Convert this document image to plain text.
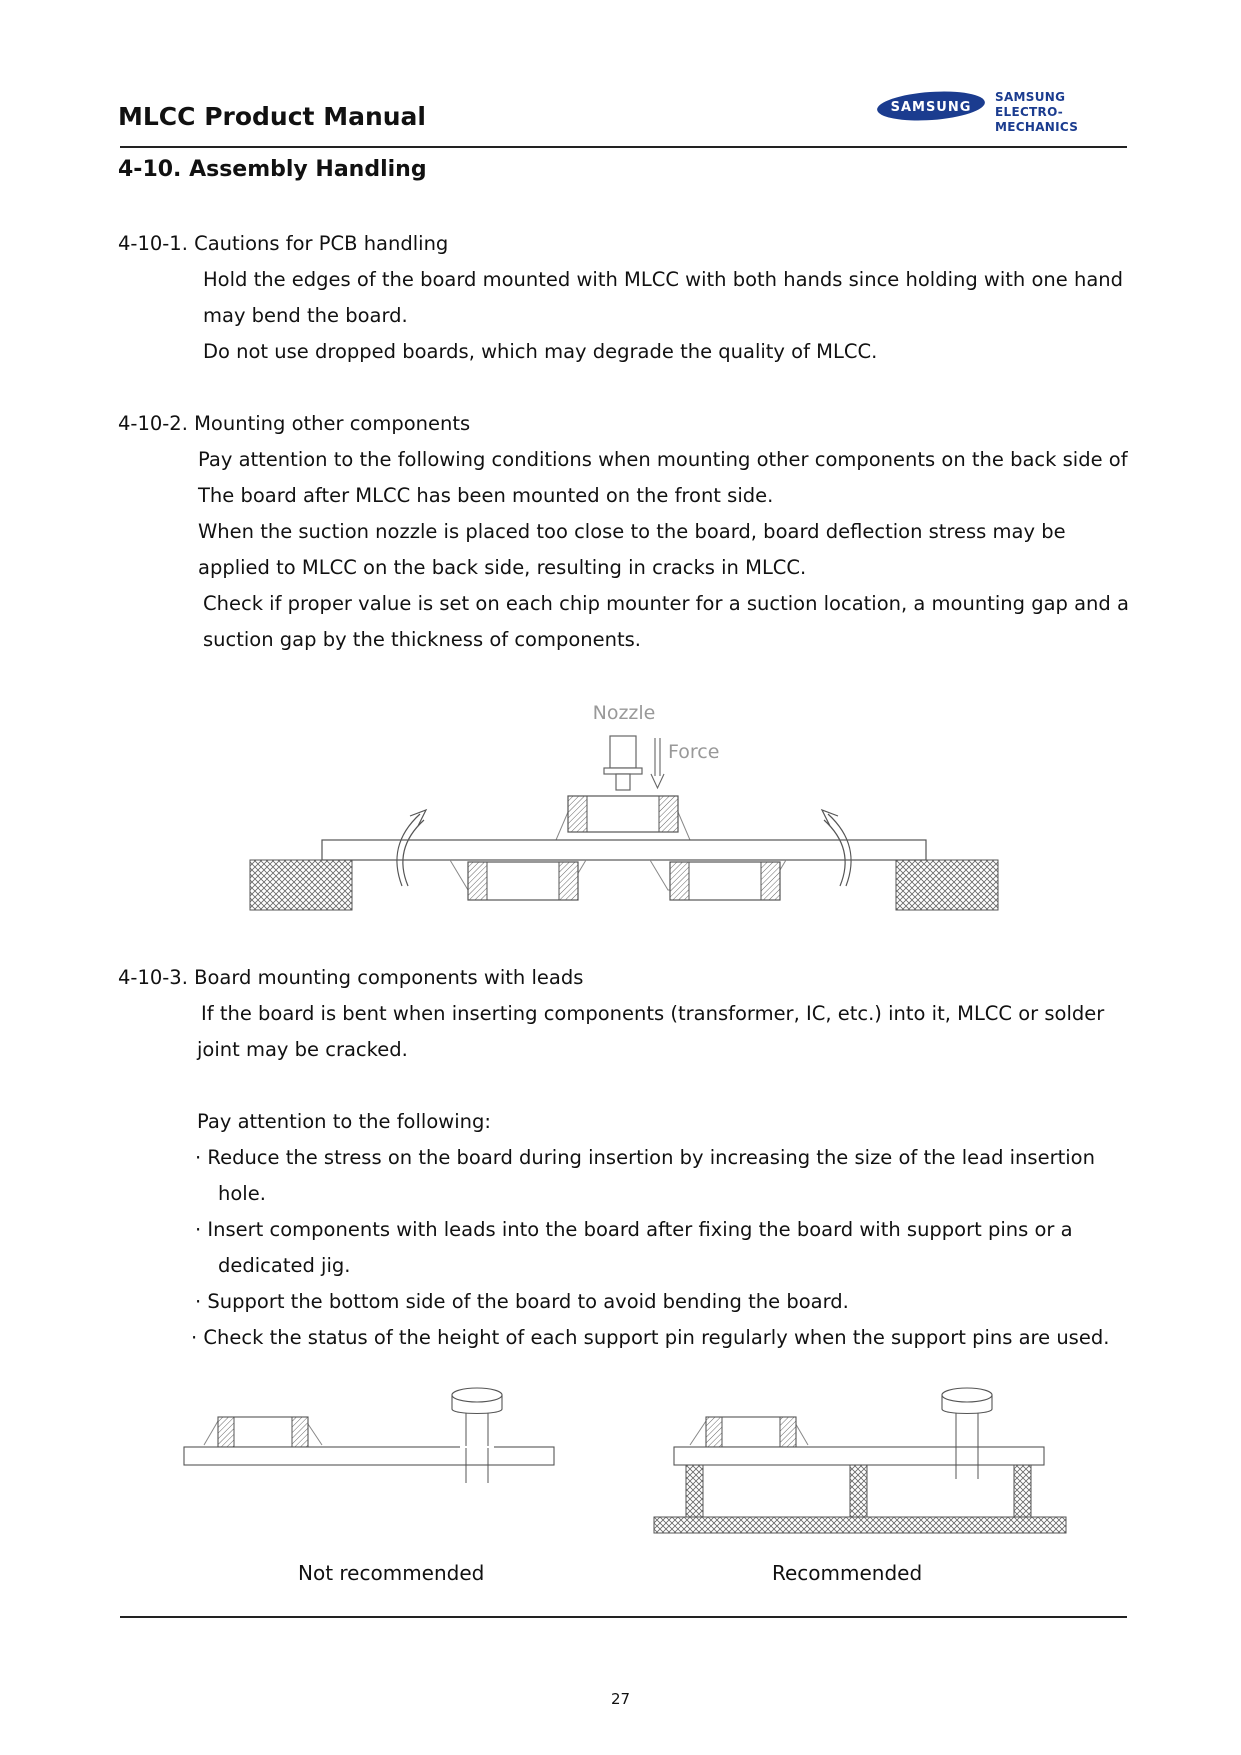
MLCC Product Manual	SAMSUNG
SAMSUNG
ELECTRO-MECHANICS
4-10. Assembly Handling
4-10-1. Cautions for PCB handling
Hold the edges of the board mounted with MLCC with both hands since holding with one hand
may bend the board.
Do not use dropped boards, which may degrade the quality of MLCC.
4-10-2. Mounting other components
Pay attention to the following conditions when mounting other components on the back side of
The board after MLCC has been mounted on the front side.
When the suction nozzle is placed too close to the board, board deflection stress may be
applied to MLCC on the back side, resulting in cracks in MLCC.
Check if proper value is set on each chip mounter for a suction location, a mounting gap and a
suction gap by the thickness of components.
Nozzle
Force
4-10-3. Board mounting components with leads
If the board is bent when inserting components (transformer, IC, etc.) into it, MLCC or solder
joint may be cracked.
Pay attention to the following:
· Reduce the stress on the board during insertion by increasing the size of the lead insertion
hole.
· Insert components with leads into the board after fixing the board with support pins or a
dedicated jig.
· Support the bottom side of the board to avoid bending the board.
· Check the status of the height of each support pin regularly when the support pins are used.
Not recommended	Recommended
27
